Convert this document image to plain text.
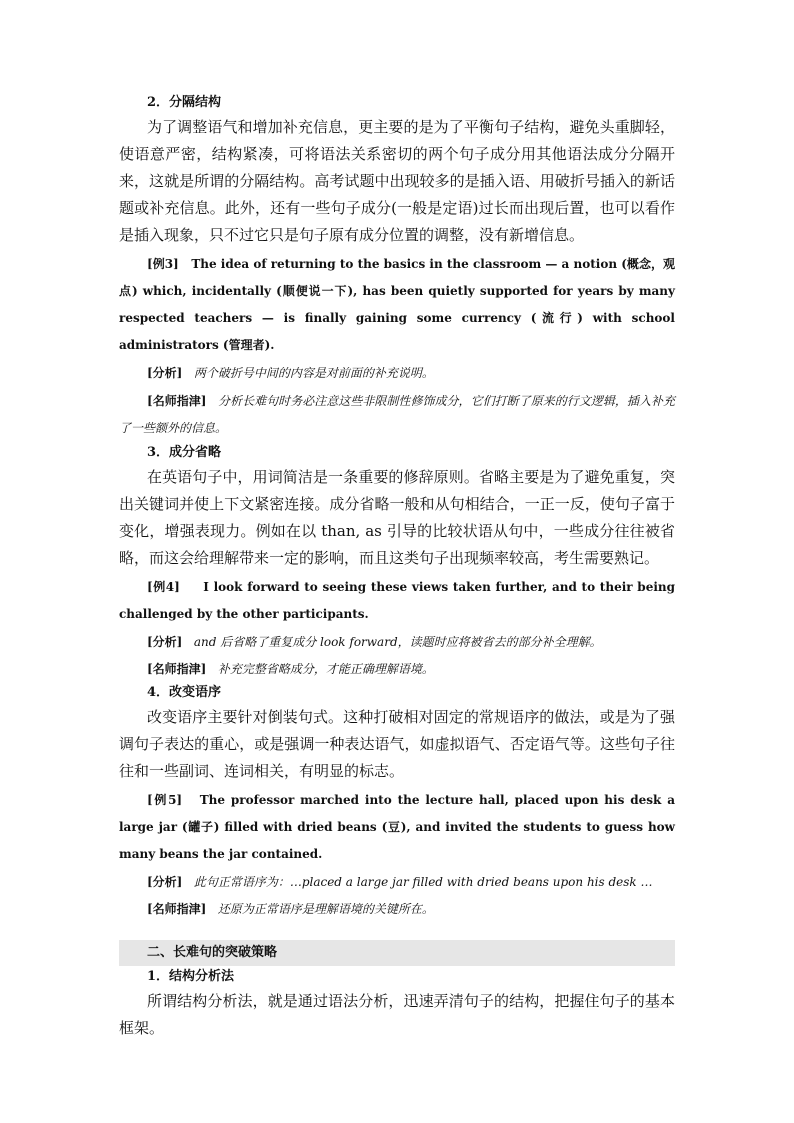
2．分隔结构
为了调整语气和增加补充信息，更主要的是为了平衡句子结构，避免头重脚轻，使语意严密，结构紧凑，可将语法关系密切的两个句子成分用其他语法成分分隔开来，这就是所谓的分隔结构。高考试题中出现较多的是插入语、用破折号插入的新话题或补充信息。此外，还有一些句子成分(一般是定语)过长而出现后置，也可以看作是插入现象，只不过它只是句子原有成分位置的调整，没有新增信息。
[例3] The idea of returning to the basics in the classroom — a notion (概念，观点) which, incidentally (顺便说一下), has been quietly supported for years by many respected teachers — is finally gaining some currency (流行) with school administrators (管理者).
[分析] 两个破折号中间的内容是对前面的补充说明。
[名师指津] 分析长难句时务必注意这些非限制性修饰成分，它们打断了原来的行文逻辑，插入补充了一些额外的信息。
3．成分省略
在英语句子中，用词简洁是一条重要的修辞原则。省略主要是为了避免重复，突出关键词并使上下文紧密连接。成分省略一般和从句相结合，一正一反，使句子富于变化，增强表现力。例如在以 than, as 引导的比较状语从句中，一些成分往往被省略，而这会给理解带来一定的影响，而且这类句子出现频率较高，考生需要熟记。
[例4] I look forward to seeing these views taken further, and to their being challenged by the other participants.
[分析] and 后省略了重复成分 look forward，读题时应将被省去的部分补全理解。
[名师指津] 补充完整省略成分，才能正确理解语境。
4．改变语序
改变语序主要针对倒装句式。这种打破相对固定的常规语序的做法，或是为了强调句子表达的重心，或是强调一种表达语气，如虚拟语气、否定语气等。这些句子往往和一些副词、连词相关，有明显的标志。
[例5] The professor marched into the lecture hall, placed upon his desk a large jar (罐子) filled with dried beans (豆), and invited the students to guess how many beans the jar contained.
[分析] 此句正常语序为：…placed a large jar filled with dried beans upon his desk …
[名师指津] 还原为正常语序是理解语境的关键所在。
二、长难句的突破策略
1．结构分析法
所谓结构分析法，就是通过语法分析，迅速弄清句子的结构，把握住句子的基本框架。
